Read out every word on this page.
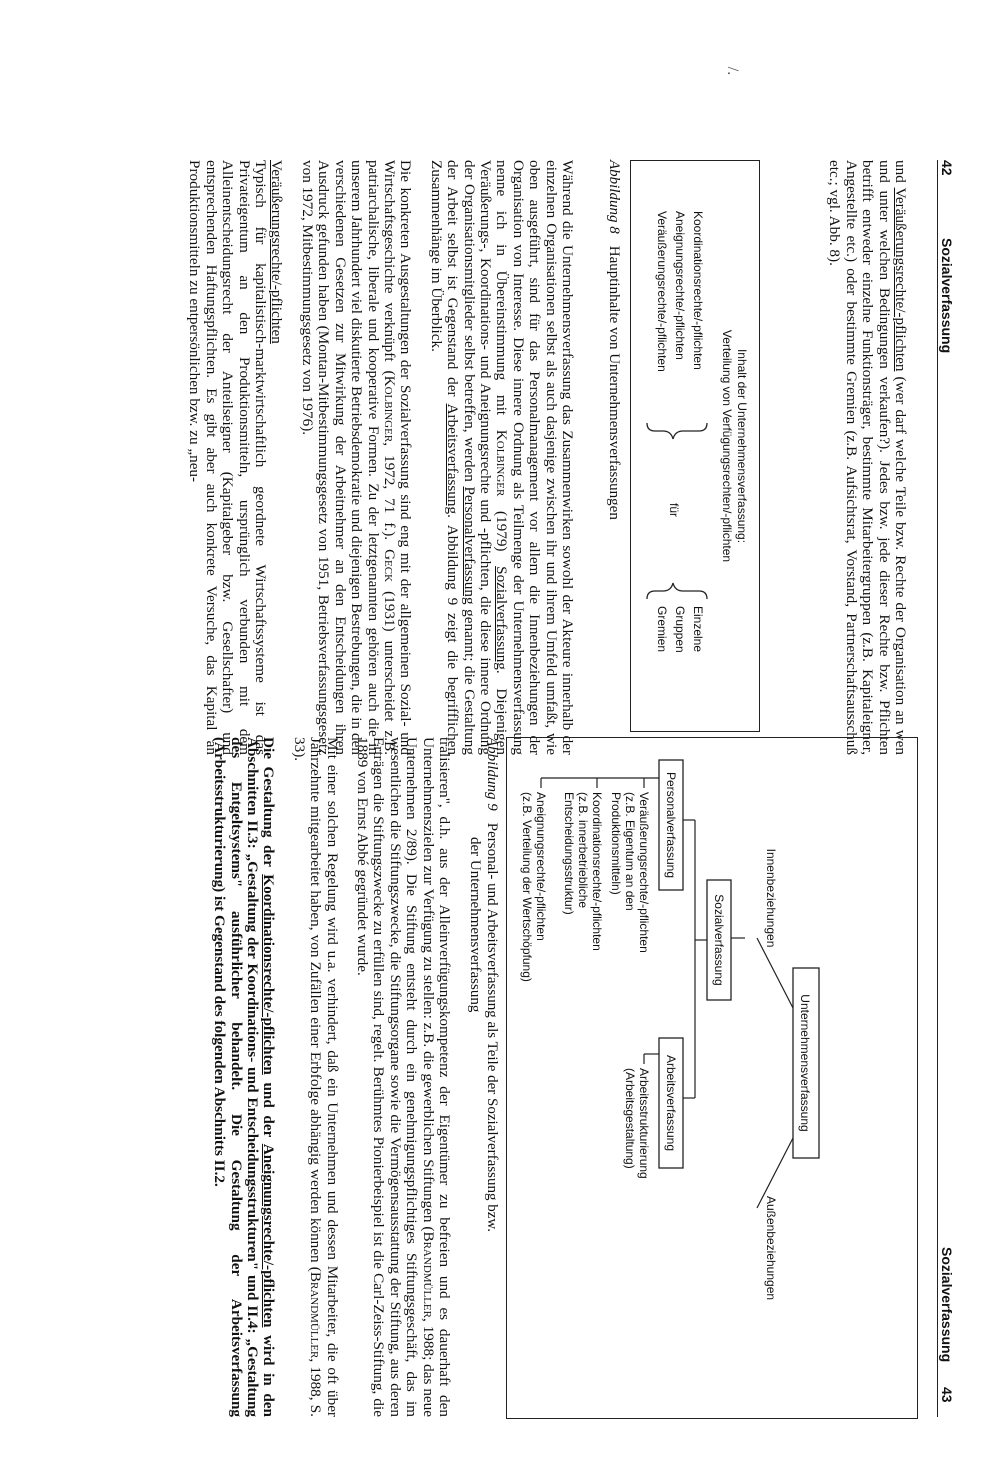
/.
42
Sozialverfassung

und Veräußerungsrechte/-pflichten (wer darf welche Teile bzw. Rechte der Organisation an wen und unter welchen Bedingungen verkaufen?). Jedes bzw. jede dieser Rechte bzw. Pflichten betrifft entweder einzelne Funktionsträger, bestimmte Mitarbeitergruppen (z.B. Kapitaleigner, Angestellte etc.) oder bestimmte Gremien (z.B. Aufsichtsrat, Vorstand, Partnerschaftsausschuß etc.; vgl. Abb. 8).

Inhalt der Unternehmensverfassung:
Verteilung von Verfügungsrechten/-pflichten
Koordinationsrechte/-pflichten
Aneignungsrechte/-pflichten
Veräußerungsrechte/-pflichten
für
Einzelne
Gruppen
Gremien
Abbildung 8Hauptinhalte von Unternehmensverfassungen

Während die Unternehmensverfassung das Zusammenwirken sowohl der Akteure innerhalb der einzelnen Organisationen selbst als auch dasjenige zwischen ihr und ihrem Umfeld umfaßt, wie oben ausgeführt, sind für das Personalmanagement vor allem die Innenbeziehungen der Organisation von Interesse. Diese innere Ordnung als Teilmenge der Unternehmensverfassung nenne ich in Übereinstimmung mit Kolbinger (1979) Sozialverfassung. Diejenigen Veräußerungs-, Koordinations- und Aneignungsrechte und -pflichten, die diese innere Ordnung der Organisationsmitglieder selbst betreffen, werden Personalverfassung genannt; die Gestaltung der Arbeit selbst ist Gegenstand der Arbeitsverfassung. Abbildung 9 zeigt die begrifflichen Zusammenhänge im Überblick.

Die konkreten Ausgestaltungen der Sozialverfassung sind eng mit der allgemeinen Sozial- und Wirtschaftsgeschichte verknüpft (Kolbinger, 1972, 71 f.). Geck (1931) unterscheidet z.B. patriarchalische, liberale und kooperative Formen. Zu der letztgenannten gehören auch die in unserem Jahrhundert viel diskutierte Betriebsdemokratie und diejenigen Bestrebungen, die in den verschiedenen Gesetzen zur Mitwirkung der Arbeitnehmer an den Entscheidungen ihren Ausdruck gefunden haben (Montan-Mitbestimmungsgesetz von 1951, Betriebsverfassungsgesetz von 1972, Mitbestimmungsgesetz von 1976).

Veräußerungsrechte/-pflichten

Typisch für kapitalistisch-marktwirtschaftlich geordnete Wirtschaftssysteme ist das Privateigentum an den Produktionsmitteln, ursprünglich verbunden mit dem Alleinentscheidungsrecht der Anteilseigner (Kapitalgeber bzw. Gesellschafter) und entsprechenden Haftungspflichten. Es gibt aber auch konkrete Versuche, das Kapital an Produktionsmitteln zu entpersönlichen bzw. zu „neu-

Sozialverfassung
43
Unternehmensverfassung
Innenbeziehungen
Außenbeziehungen
Sozialverfassung
Personalverfassung
Arbeitsverfassung
Veräußerungsrechte/-pflichten
(z.B. Eigentum an den
Produktionsmitteln)
Koordinationsrechte/-pflichten
(z.B. innerbetriebliche
Entscheidungsstruktur)
Aneignungsrechte/-pflichten
(z.B. Verteilung der Wertschöpfung)
Arbeitsstrukturierung
(Arbeitsgestaltung)
Abbildung 9Personal- und Arbeitsverfassung als Teile der Sozialverfassung bzw.
der Unternehmensverfassung

tralisieren", d.h. aus der Alleinverfügungskompetenz der Eigentümer zu befreien und es dauerhaft den Unternehmenszielen zur Verfügung zu stellen: z.B. die gewerblichen Stiftungen (Brandmüller, 1988; das neue Unternehmen 2/89). Die Stiftung entsteht durch ein genehmigungspflichtiges Stiftungsgeschäft, das im wesentlichen die Stiftungszwecke, die Stiftungsorgane sowie die Vermögensausstattung der Stiftung, aus deren Erträgen die Stiftungszwecke zu erfüllen sind, regelt. Berühmtes Pionierbeispiel ist die Carl-Zeiss-Stiftung, die 1889 von Ernst Abbé gegründet wurde.

Mit einer solchen Regelung wird u.a. verhindert, daß ein Unternehmen und dessen Mitarbeiter, die oft über Jahrzehnte mitgearbeitet haben, von Zufällen einer Erbfolge abhängig werden können (Brandmüller, 1988, S. 33).

Die Gestaltung der Koordinationsrechte/-pflichten und der Aneignungsrechte/-pflichten wird in den Abschnitten II.3: „Gestaltung der Koordinations- und Entscheidungsstrukturen" und II.4: „Gestaltung des Entgeltsystems" ausführlicher behandelt. Die Gestaltung der Arbeitsverfassung (Arbeitsstrukturierung) ist Gegenstand des folgenden Abschnitts II.2.
